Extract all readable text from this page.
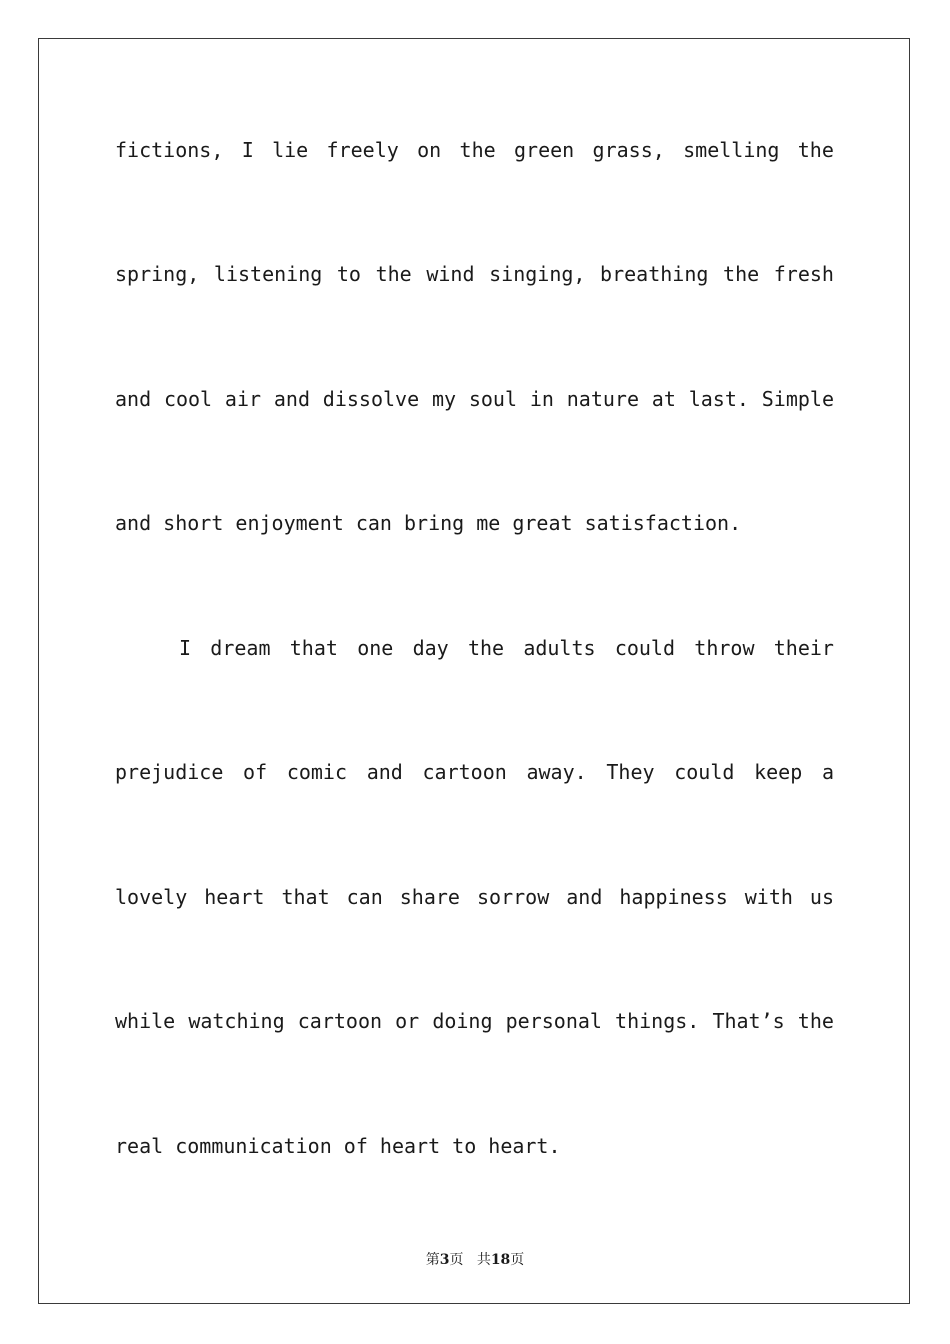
fictions, I lie freely on the green grass, smelling the
spring, listening to the wind singing, breathing the fresh
and cool air and dissolve my soul in nature at last. Simple
and short enjoyment can bring me great satisfaction.
I dream that one day the adults could throw their
prejudice of comic and cartoon away. They could keep a
lovely heart that can share sorrow and happiness with us
while watching cartoon or doing personal things. That’s the
real communication of heart to heart.
第3页 共18页
